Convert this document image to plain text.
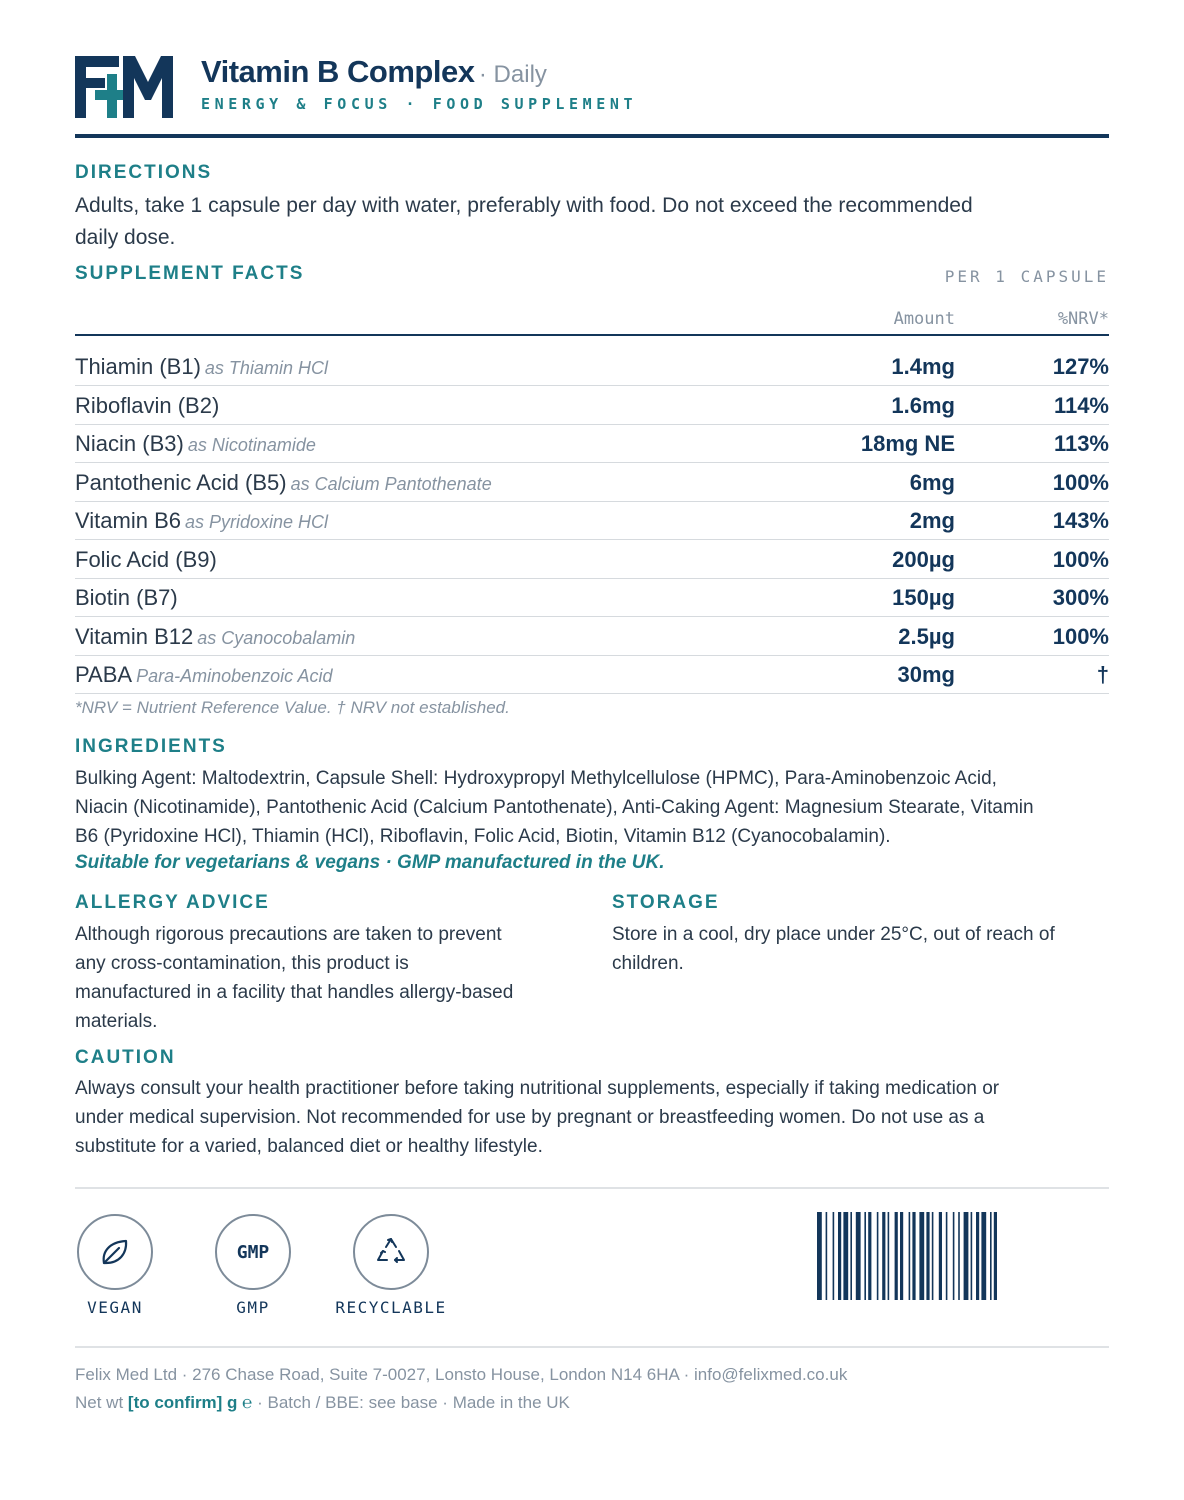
Vitamin B Complex · Daily
ENERGY & FOCUS · FOOD SUPPLEMENT
DIRECTIONS
Adults, take 1 capsule per day with water, preferably with food. Do not exceed the recommended
daily dose.
SUPPLEMENT FACTS	PER 1 CAPSULE
Amount	%NRV*
Thiamin (B1) as Thiamin HCl	1.4mg	127%
Riboflavin (B2)	1.6mg	114%
Niacin (B3) as Nicotinamide	18mg NE	113%
Pantothenic Acid (B5) as Calcium Pantothenate	6mg	100%
Vitamin B6 as Pyridoxine HCl	2mg	143%
Folic Acid (B9)	200µg	100%
Biotin (B7)	150µg	300%
Vitamin B12 as Cyanocobalamin	2.5µg	100%
PABA Para-Aminobenzoic Acid	30mg	†
*NRV = Nutrient Reference Value. † NRV not established.
INGREDIENTS
Bulking Agent: Maltodextrin, Capsule Shell: Hydroxypropyl Methylcellulose (HPMC), Para-Aminobenzoic Acid,
Niacin (Nicotinamide), Pantothenic Acid (Calcium Pantothenate), Anti-Caking Agent: Magnesium Stearate, Vitamin
B6 (Pyridoxine HCl), Thiamin (HCl), Riboflavin, Folic Acid, Biotin, Vitamin B12 (Cyanocobalamin).
Suitable for vegetarians & vegans · GMP manufactured in the UK.
ALLERGY ADVICE
Although rigorous precautions are taken to prevent
any cross-contamination, this product is
manufactured in a facility that handles allergy-based
materials.
STORAGE
Store in a cool, dry place under 25°C, out of reach of
children.
CAUTION
Always consult your health practitioner before taking nutritional supplements, especially if taking medication or
under medical supervision. Not recommended for use by pregnant or breastfeeding women. Do not use as a
substitute for a varied, balanced diet or healthy lifestyle.
VEGAN
GMP
GMP	RECYCLABLE
Felix Med Ltd · 276 Chase Road, Suite 7-0027, Lonsto House, London N14 6HA · info@felixmed.co.uk
Net wt [to confirm] g ℮ · Batch / BBE: see base · Made in the UK
